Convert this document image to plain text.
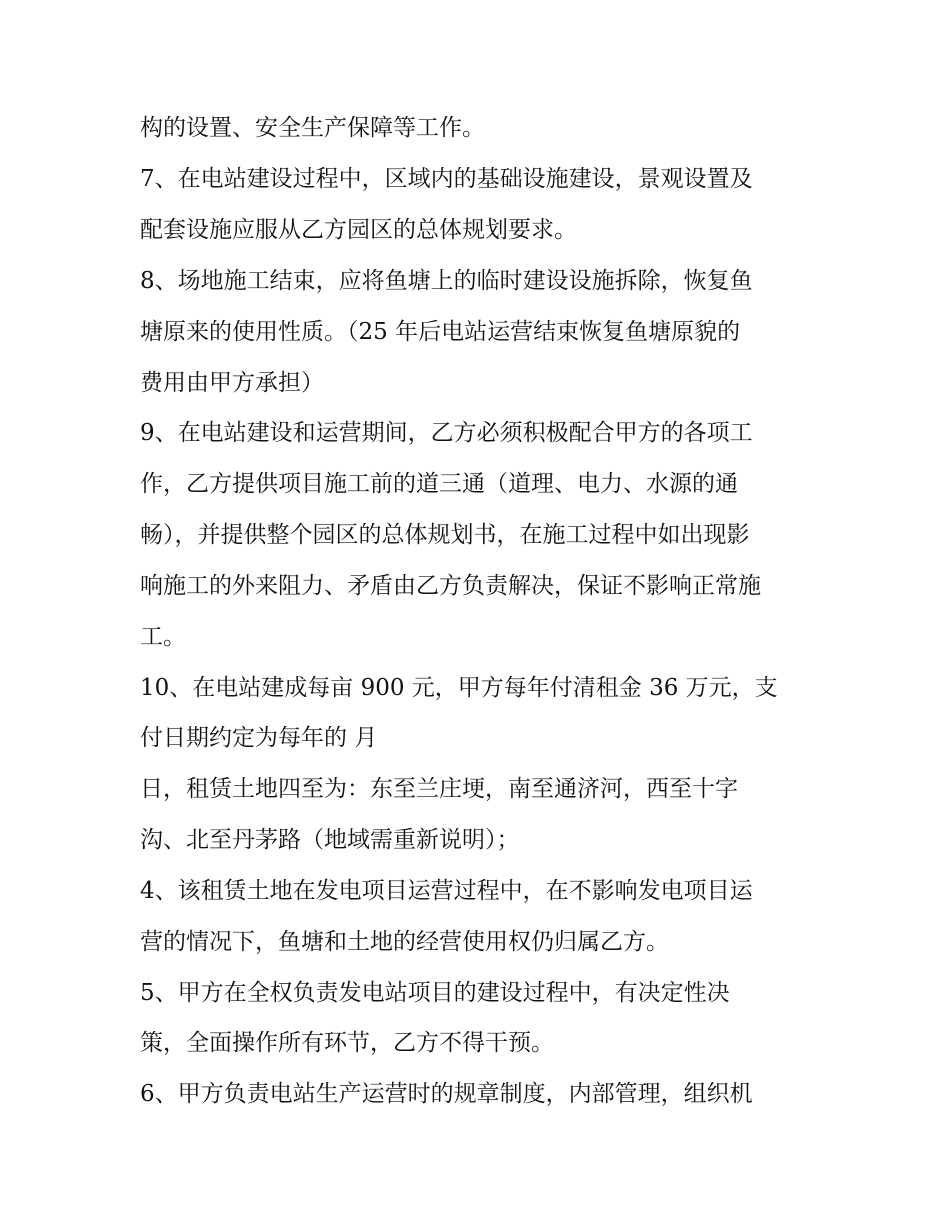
构的设置、安全生产保障等工作。
7、在电站建设过程中，区域内的基础设施建设，景观设置及
配套设施应服从乙方园区的总体规划要求。
8、场地施工结束，应将鱼塘上的临时建设设施拆除，恢复鱼
塘原来的使用性质。（25 年后电站运营结束恢复鱼塘原貌的
费用由甲方承担）
9、在电站建设和运营期间，乙方必须积极配合甲方的各项工
作，乙方提供项目施工前的道三通（道理、电力、水源的通
畅），并提供整个园区的总体规划书，在施工过程中如出现影
响施工的外来阻力、矛盾由乙方负责解决，保证不影响正常施
工。
10、在电站建成每亩 900 元，甲方每年付清租金 36 万元，支
付日期约定为每年的 月
日，租赁土地四至为：东至兰庄埂，南至通济河，西至十字
沟、北至丹茅路（地域需重新说明）；
4、该租赁土地在发电项目运营过程中，在不影响发电项目运
营的情况下，鱼塘和土地的经营使用权仍归属乙方。
5、甲方在全权负责发电站项目的建设过程中，有决定性决
策，全面操作所有环节，乙方不得干预。
6、甲方负责电站生产运营时的规章制度，内部管理，组织机
